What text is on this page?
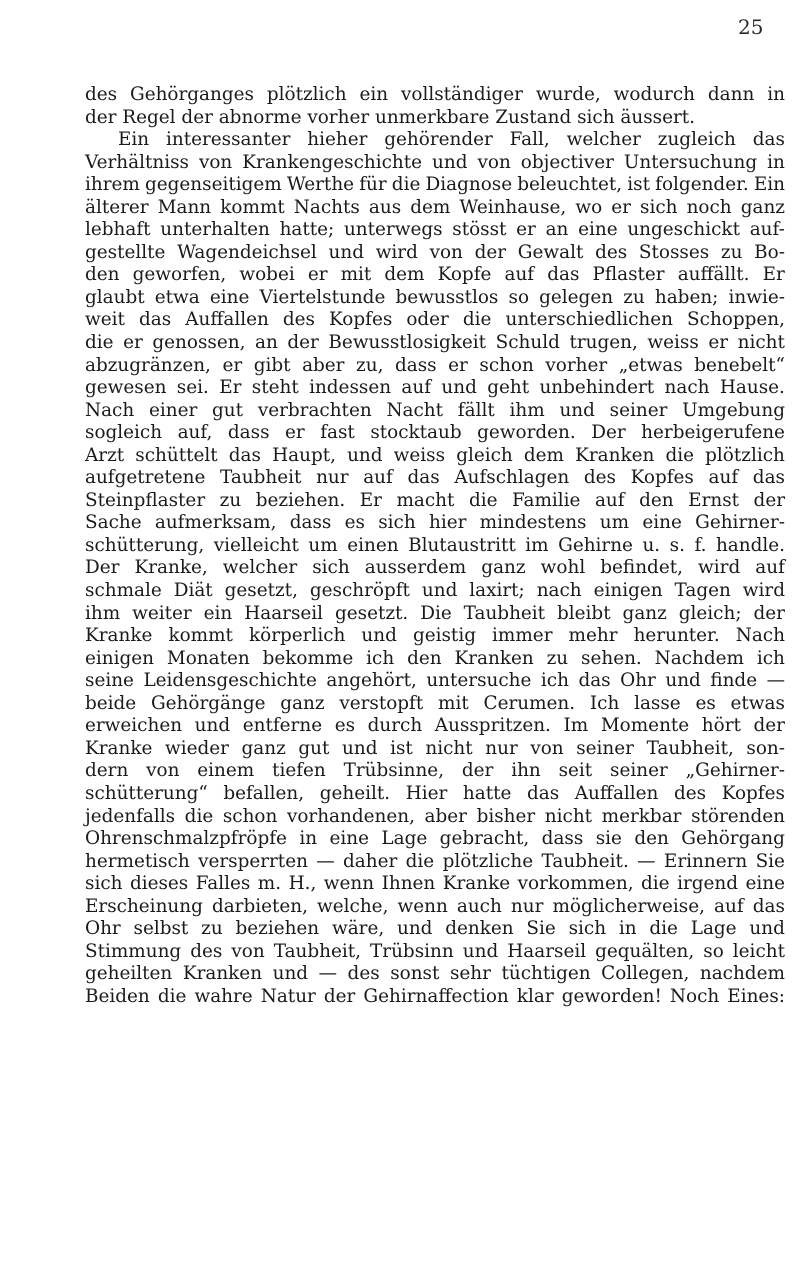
25
des Gehörganges plötzlich ein vollständiger wurde, wodurch dann in
der Regel der abnorme vorher unmerkbare Zustand sich äussert.
Ein interessanter hieher gehörender Fall, welcher zugleich das
Verhältniss von Krankengeschichte und von objectiver Untersuchung in
ihrem gegenseitigem Werthe für die Diagnose beleuchtet, ist folgender. Ein
älterer Mann kommt Nachts aus dem Weinhause, wo er sich noch ganz
lebhaft unterhalten hatte; unterwegs stösst er an eine ungeschickt auf-
gestellte Wagendeichsel und wird von der Gewalt des Stosses zu Bo-
den geworfen, wobei er mit dem Kopfe auf das Pflaster auffällt. Er
glaubt etwa eine Viertelstunde bewusstlos so gelegen zu haben; inwie-
weit das Auffallen des Kopfes oder die unterschiedlichen Schoppen,
die er genossen, an der Bewusstlosigkeit Schuld trugen, weiss er nicht
abzugränzen, er gibt aber zu, dass er schon vorher „etwas benebelt“
gewesen sei. Er steht indessen auf und geht unbehindert nach Hause.
Nach einer gut verbrachten Nacht fällt ihm und seiner Umgebung
sogleich auf, dass er fast stocktaub geworden. Der herbeigerufene
Arzt schüttelt das Haupt, und weiss gleich dem Kranken die plötzlich
aufgetretene Taubheit nur auf das Aufschlagen des Kopfes auf das
Steinpflaster zu beziehen. Er macht die Familie auf den Ernst der
Sache aufmerksam, dass es sich hier mindestens um eine Gehirner-
schütterung, vielleicht um einen Blutaustritt im Gehirne u. s. f. handle.
Der Kranke, welcher sich ausserdem ganz wohl befindet, wird auf
schmale Diät gesetzt, geschröpft und laxirt; nach einigen Tagen wird
ihm weiter ein Haarseil gesetzt. Die Taubheit bleibt ganz gleich; der
Kranke kommt körperlich und geistig immer mehr herunter. Nach
einigen Monaten bekomme ich den Kranken zu sehen. Nachdem ich
seine Leidensgeschichte angehört, untersuche ich das Ohr und finde —
beide Gehörgänge ganz verstopft mit Cerumen. Ich lasse es etwas
erweichen und entferne es durch Ausspritzen. Im Momente hört der
Kranke wieder ganz gut und ist nicht nur von seiner Taubheit, son-
dern von einem tiefen Trübsinne, der ihn seit seiner „Gehirner-
schütterung“ befallen, geheilt. Hier hatte das Auffallen des Kopfes
jedenfalls die schon vorhandenen, aber bisher nicht merkbar störenden
Ohrenschmalzpfröpfe in eine Lage gebracht, dass sie den Gehörgang
hermetisch versperrten — daher die plötzliche Taubheit. — Erinnern Sie
sich dieses Falles m. H., wenn Ihnen Kranke vorkommen, die irgend eine
Erscheinung darbieten, welche, wenn auch nur möglicherweise, auf das
Ohr selbst zu beziehen wäre, und denken Sie sich in die Lage und
Stimmung des von Taubheit, Trübsinn und Haarseil gequälten, so leicht
geheilten Kranken und — des sonst sehr tüchtigen Collegen, nachdem
Beiden die wahre Natur der Gehirnaffection klar geworden! Noch Eines:
